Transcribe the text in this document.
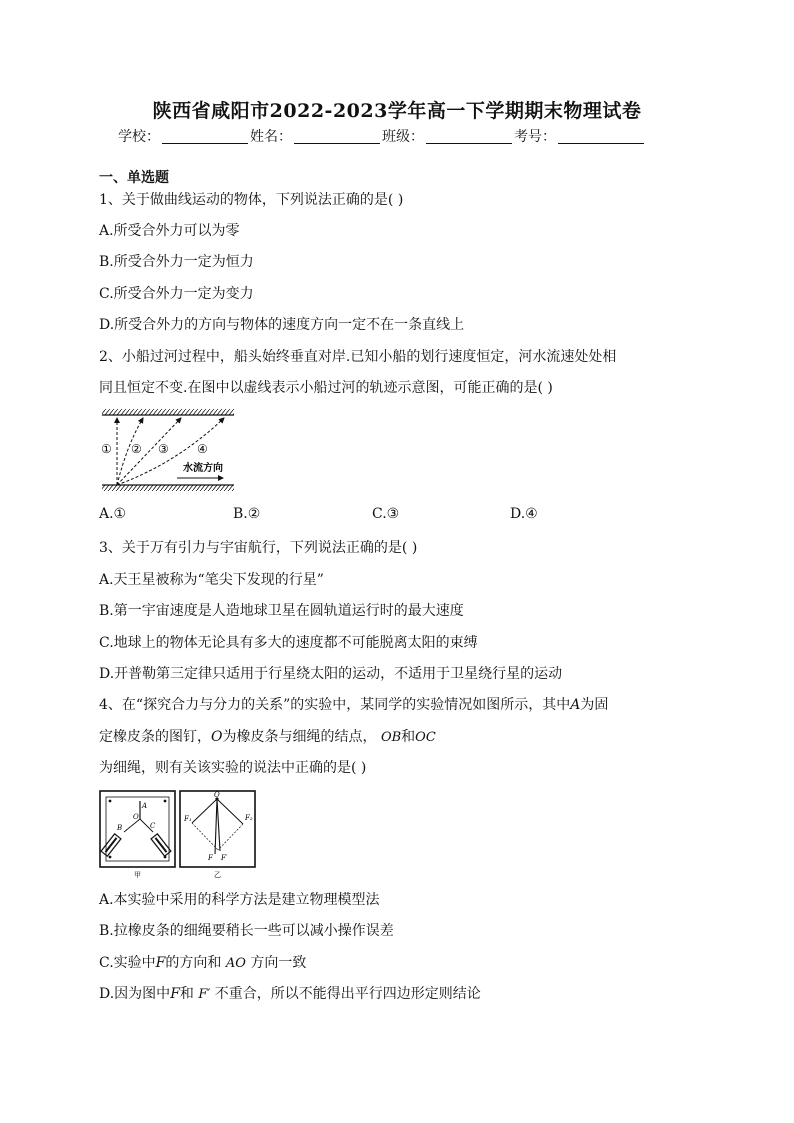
陕西省咸阳市2022-2023学年高一下学期期末物理试卷
学校：	姓名：	班级：	考号：
一、单选题
1、关于做曲线运动的物体，下列说法正确的是( )
A.所受合外力可以为零
B.所受合外力一定为恒力
C.所受合外力一定为变力
D.所受合外力的方向与物体的速度方向一定不在一条直线上
2、小船过河过程中，船头始终垂直对岸.已知小船的划行速度恒定，河水流速处处相
同且恒定不变.在图中以虚线表示小船过河的轨迹示意图，可能正确的是( )
① ② ③ ④
水流方向
A.①	B.②	C.③	D.④
3、关于万有引力与宇宙航行，下列说法正确的是( )
A.天王星被称为“笔尖下发现的行星”
B.第一宇宙速度是人造地球卫星在圆轨道运行时的最大速度
C.地球上的物体无论具有多大的速度都不可能脱离太阳的束缚
D.开普勒第三定律只适用于行星绕太阳的运动，不适用于卫星绕行星的运动
4、在“探究合力与分力的关系”的实验中，某同学的实验情况如图所示，其中A为固
定橡皮条的图钉，O为橡皮条与细绳的结点， OB和OC
为细绳，则有关该实验的说法中正确的是( )
A
O
B	C
甲
O
F₁	F₂
F F′
乙
A.本实验中采用的科学方法是建立物理模型法
B.拉橡皮条的细绳要稍长一些可以减小操作误差
C.实验中F的方向和 AO 方向一致
D.因为图中F和 F′ 不重合，所以不能得出平行四边形定则结论
